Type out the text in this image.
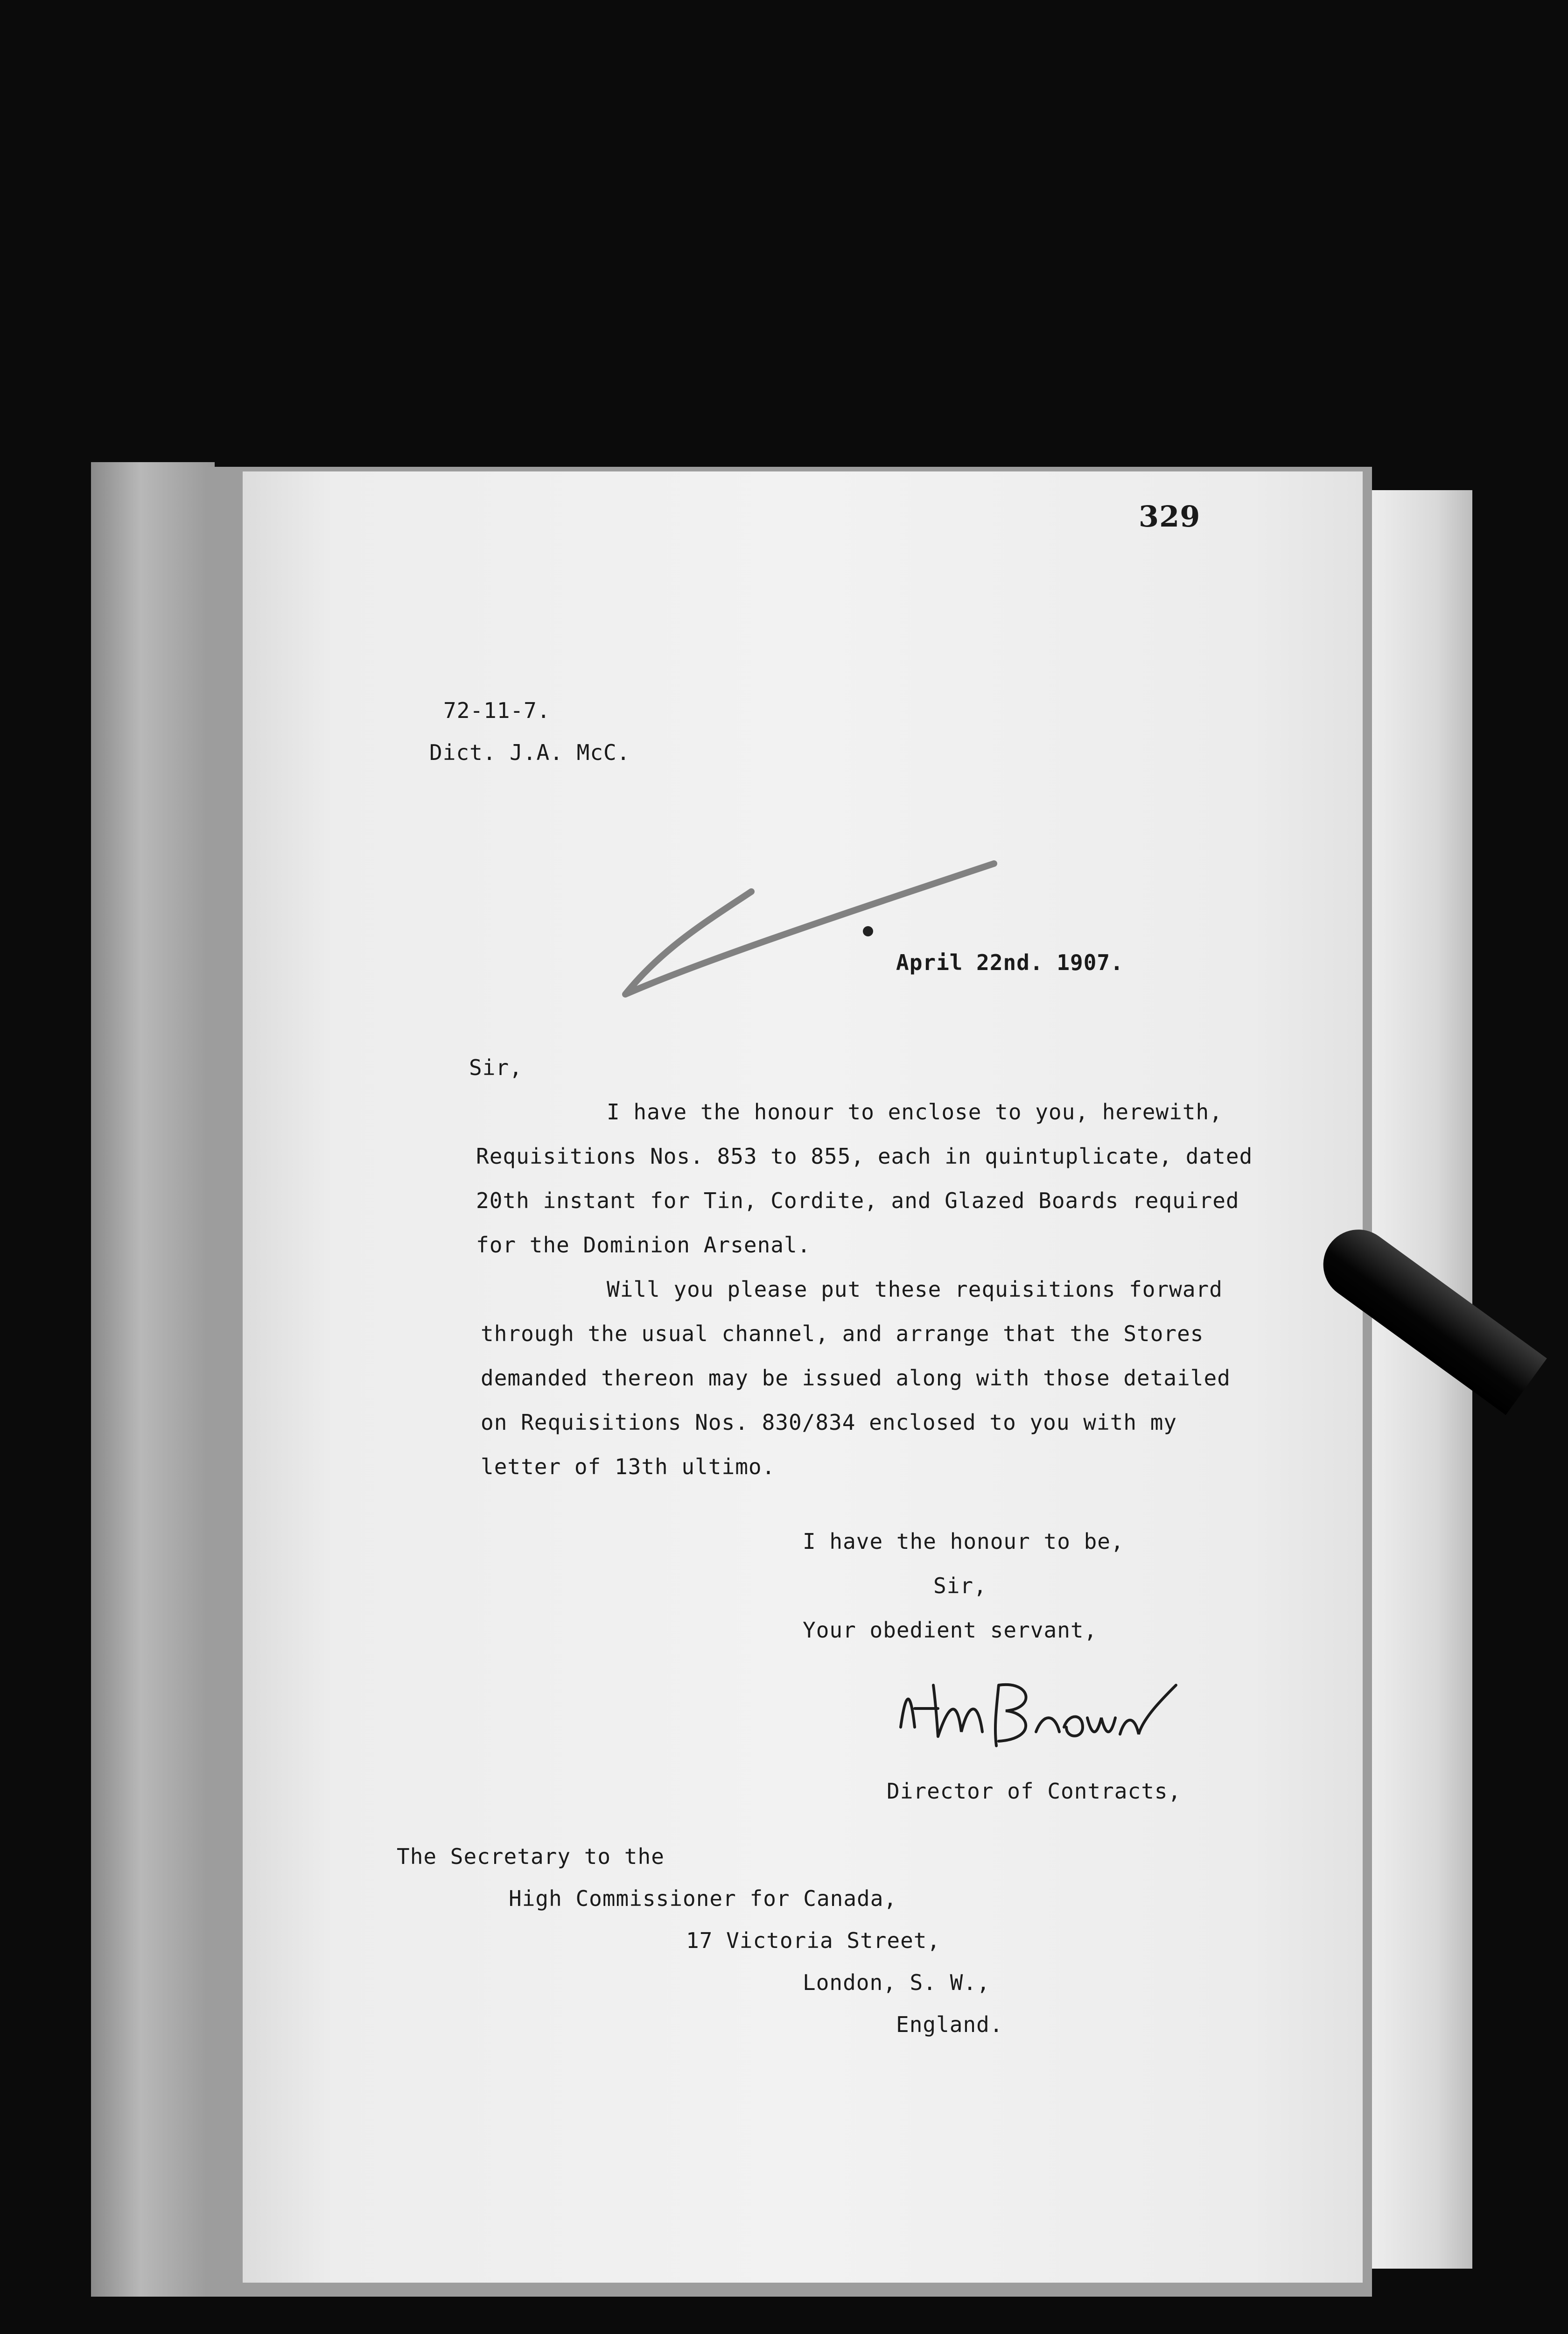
329
72-11-7.
Dict. J.A. McC.
April 22nd. 1907.
Sir,
I have the honour to enclose to you, herewith,
Requisitions Nos. 853 to 855, each in quintuplicate, dated
20th instant for Tin, Cordite, and Glazed Boards required
for the Dominion Arsenal.
Will you please put these requisitions forward
through the usual channel, and arrange that the Stores
demanded thereon may be issued along with those detailed
on Requisitions Nos. 830/834 enclosed to you with my
letter of 13th ultimo.
I have the honour to be,
Sir,
Your obedient servant,
Director of Contracts,
The Secretary to the
High Commissioner for Canada,
17 Victoria Street,
London, S. W.,
England.
